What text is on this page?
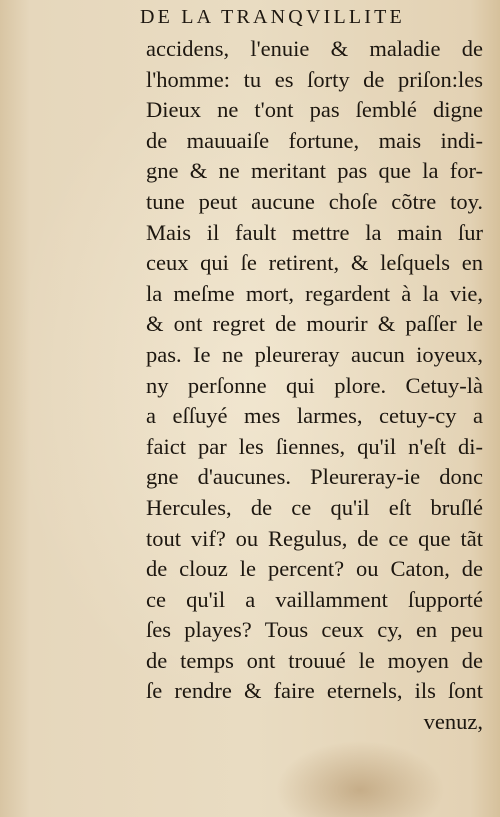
DE LA TRANQVILLITE
accidens, l'enuie & maladie de
l'homme: tu es ſorty de priſon:les
Dieux ne t'ont pas ſemblé digne
de mauuaiſe fortune, mais indi-
gne & ne meritant pas que la for-
tune peut aucune choſe cõtre toy.
Mais il fault mettre la main ſur
ceux qui ſe retirent, & leſquels en
la meſme mort, regardent à la vie,
& ont regret de mourir & paſſer le
pas. Ie ne pleureray aucun ioyeux,
ny perſonne qui plore. Cetuy-là
a eſſuyé mes larmes, cetuy-cy a
faict par les ſiennes, qu'il n'eſt di-
gne d'aucunes. Pleureray-ie donc
Hercules, de ce qu'il eſt bruſlé
tout vif? ou Regulus, de ce que tãt
de clouz le percent? ou Caton, de
ce qu'il a vaillamment ſupporté
ſes playes? Tous ceux cy, en peu
de temps ont trouué le moyen de
ſe rendre & faire eternels, ils ſont
venuz,
